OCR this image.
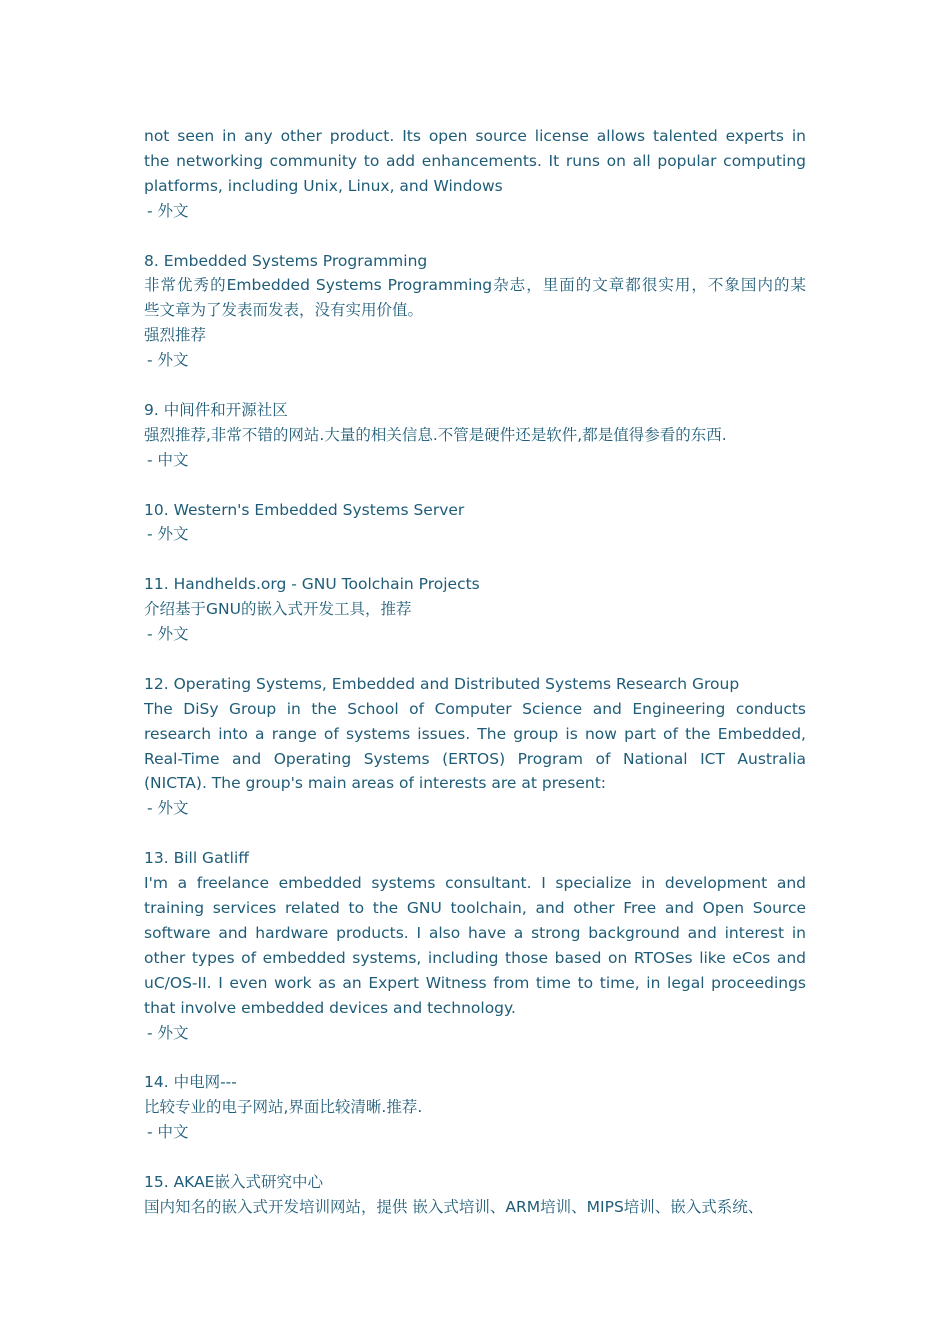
not seen in any other product. Its open source license allows talented experts in
the networking community to add enhancements. It runs on all popular computing
platforms, including Unix, Linux, and Windows
- 外文
8. Embedded Systems Programming
非常优秀的Embedded Systems Programming杂志，里面的文章都很实用，不象国内的某
些文章为了发表而发表，没有实用价值。
强烈推荐
- 外文
9. 中间件和开源社区
强烈推荐,非常不错的网站.大量的相关信息.不管是硬件还是软件,都是值得参看的东西.
- 中文
10. Western's Embedded Systems Server
- 外文
11. Handhelds.org - GNU Toolchain Projects
介绍基于GNU的嵌入式开发工具，推荐
- 外文
12. Operating Systems, Embedded and Distributed Systems Research Group
The DiSy Group in the School of Computer Science and Engineering conducts
research into a range of systems issues. The group is now part of the Embedded,
Real-Time and Operating Systems (ERTOS) Program of National ICT Australia
(NICTA). The group's main areas of interests are at present:
- 外文
13. Bill Gatliff
I'm a freelance embedded systems consultant. I specialize in development and
training services related to the GNU toolchain, and other Free and Open Source
software and hardware products. I also have a strong background and interest in
other types of embedded systems, including those based on RTOSes like eCos and
uC/OS-II. I even work as an Expert Witness from time to time, in legal proceedings
that involve embedded devices and technology.
- 外文
14. 中电网---
比较专业的电子网站,界面比较清晰.推荐.
- 中文
15. AKAE嵌入式研究中心
国内知名的嵌入式开发培训网站，提供 嵌入式培训、ARM培训、MIPS培训、嵌入式系统、
